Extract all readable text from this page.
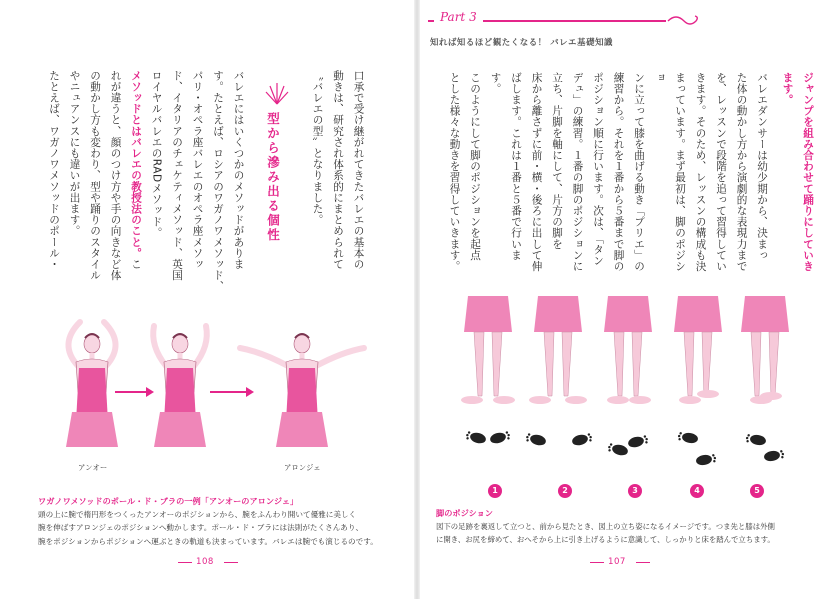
口承で受け継がれてきたバレエの基本の
動きは、研究され体系的にまとめられて
〝バレエの型〟となりました。
型から滲み出る個性
バレエにはいくつかのメソッドがありま
す。たとえば、ロシアのワガノワメソッド、
パリ・オペラ座バレエのオペラ座メソッ
ド、イタリアのチェケティメソッド、英国
ロイヤルバレエのRADメソッド。
メソッドとはバレエの教授法のこと。こ
れが違うと、顔のつけ方や手の向きなど体
の動かし方も変わり、型や踊りのスタイル
やニュアンスにも違いが出ます。
たとえば、ワガノワメソッドのポール・
アンオー	アロンジェ
ワガノワメソッドのポール・ド・ブラの一例「アンオーのアロンジェ」
頭の上に腕で楕円形をつくったアンオーのポジションから、腕をふんわり開いて優雅に美しく
腕を伸ばすアロンジェのポジションへ動かします。ポール・ド・ブラには法則がたくさんあり、
腕をポジションからポジションへ運ぶときの軌道も決まっています。バレエは腕でも演じるのです。
108
Part 3
知れば知るほど観たくなる！ バレエ基礎知識
ジャンプを組み合わせて踊りにしていき
ます。
バレエダンサーは幼少期から、決まっ
た体の動かし方から演劇的な表現力まで
を、レッスンで段階を追って習得してい
きます。そのため、レッスンの構成も決
まっています。まず最初は、脚のポジショ
ンに立って膝を曲げる動き「プリエ」の
練習から。それを１番から５番まで脚の
ポジション順に行います。次は、「タン
デュ」の練習。１番の脚のポジションに
立ち、片脚を軸にして、片方の脚を
床から離さずに前・横・後ろに出して伸
ばします。これは１番と５番で行います。
このようにして脚のポジションを起点
とした様々な動きを習得していきます。
1	2	3	4	5
脚のポジション
図下の足跡を裏返して立つと、前から見たとき、図上の立ち姿になるイメージです。つま先と膝は外側
に開き、お尻を締めて、おへそから上に引き上げるように意識して、しっかりと床を踏んで立ちます。
107
